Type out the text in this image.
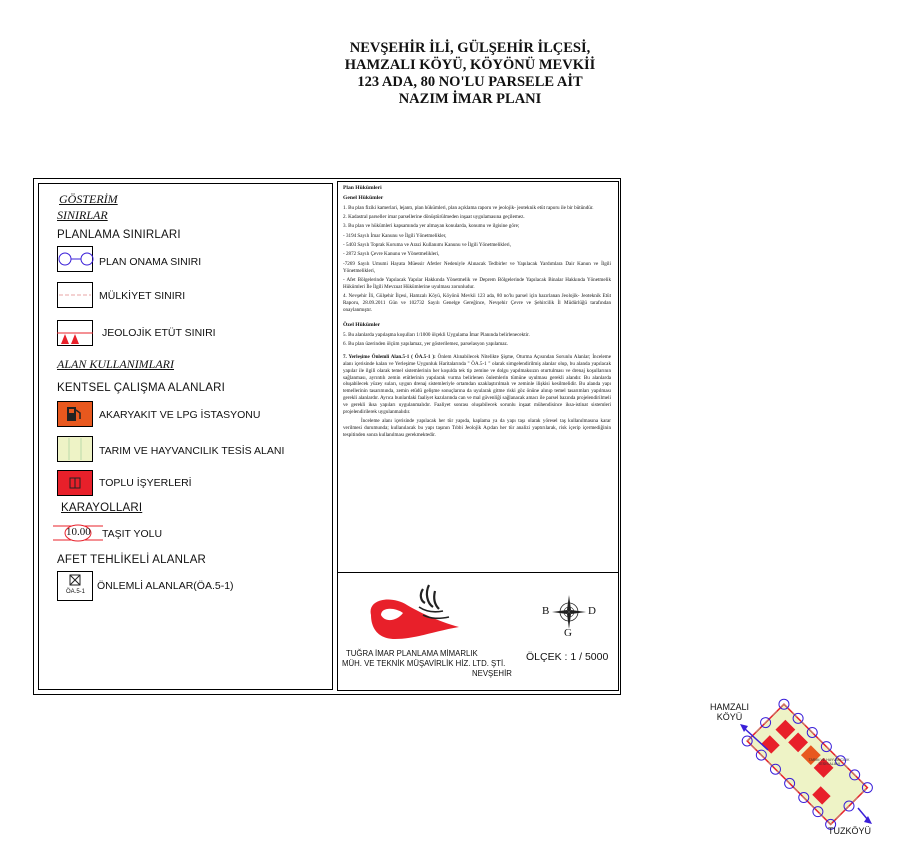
NEVŞEHİR İLİ, GÜLŞEHİR İLÇESİ,
HAMZALI KÖYÜ, KÖYÖNÜ MEVKİİ
123 ADA, 80 NO'LU PARSELE AİT
NAZIM İMAR PLANI
GÖSTERİM
SINIRLAR
PLANLAMA SINIRLARI
PLAN ONAMA SINIRI
MÜLKİYET SINIRI
JEOLOJİK ETÜT SINIRI
ALAN KULLANIMLARI
KENTSEL ÇALIŞMA ALANLARI
AKARYAKIT VE LPG İSTASYONU
TARIM VE HAYVANCILIK TESİS ALANI
TOPLU İŞYERLERİ
KARAYOLLARI
10.00 TAŞIT YOLU
AFET TEHLİKELİ ALANLAR
ÖA.5-1 ÖNLEMLİ ALANLAR(ÖA.5-1)

Plan Hükümleri

Genel Hükümler

1. Bu plan fiziki kamerlari, lejantı, plan hükümleri, plan açıklama raporu ve jeolojik- jeoteknik etüt raporu ile bir bütündür.

2. Kadastral parseller imar parsellerine dönüştürülmeden inşaat uygulamasına geçilemez.

3. Bu plan ve hükümleri kapsamında yer almayan konularda, konumu ve ilgisine göre;

- 3194 Sayılı İmar Kanunu ve İlgili Yönetmelikler,

- 5403 Sayılı Toprak Koruma ve Arazi Kullanımı Kanunu ve İlgili Yönetmelikleri,

- 2872 Sayılı Çevre Kanunu ve Yönetmelikleri,

-7269 Sayılı Umumi Hayata Müessir Afetler Nedeniyle Alınacak Tedbirler ve Yapılacak Yardımlara Dair Kanun ve İlgili Yönetmelikleri,

- Afet Bölgelerinde Yapılacak Yapılar Hakkında Yönetmelik ve Deprem Bölgelerinde Yapılacak Binalar Hakkında Yönetmelik Hükümleri İle İlgili Mevzuat Hükümlerine uyulması zorunludur.

4. Nevşehir İli, Gülşehir İlçesi, Hamzalı Köyü, Köyönü Mevkii 123 ada, 80 no'lu parsel için hazırlanan Jeolojik- Jeoteknik Etüt Raporu, 28.09.2011 Gün ve 102732 Sayılı Genelge Gereğince, Nevşehir Çevre ve Şehircilik İl Müdürlüğü tarafından onaylanmıştır.

Özel Hükümler

5. Bu alanlarda yapılaşma koşulları 1/1000 ölçekli Uygulama İmar Planında belirlenecektir.

6. Bu plan üzerinden ölçüm yapılamaz, yer gösterilemez, parselasyon yapılamaz.

7. Yerleşime Önlemli Alan.5-1 ( ÖA.5-1 ): Önlem Alınabilecek Nitelikte Şişme, Oturma Açısından Sorunlu Alanlar; İnceleme alanı içerisinde kalan ve Yerleşime Uygunluk Haritalarında " ÖA.5-1 " olarak simgelendirilmiş alanlar olup, bu alanda yapılacak yapılar ile ilgili olarak temel sistemlerinin her koşulda tek tip zemine ve dolgu yapılmaksızın oturtulması ve drenaj koşullarının sağlanması, ayrıntılı zemin etütlerinin yapılarak vurma belirlenen önlemlerin tümüne uyulması gerekli alandır. Bu alanlarda oluşabilecek yüzey suları, uygun drenaj sistemleriyle ortamdan uzaklaştırılmalı ve zeminle ilişkisi kesilmelidir. Bu alanda yapı temellerinin tasarımında, zemin etüdü gelişme sonuçlarına da uyularak gitme riski göz önüne alınıp temel tasarımları yapılması gerekli alanlardır. Ayrıca bunlardaki faaliyet kazılarında can ve mal güvenliği sağlanacak amacı ile parsel bazında projelendirilmeli ve gerekli iksa yapıları uygulanmalıdır. Faaliyet sonrası oluşabilecek sorunlu inşaat mühendisince iksa-istinat sistemleri projelendirilerek uygulanmalıdır.

İnceleme alanı içerisinde yapılacak her tür yapıda, kaplama ya da yapı taşı olarak yöresel taş kullanılmasına karar verilmesi durumunda; kullanılacak bu yapı taşının Tıbbi Jeolojik Açıdan her tür analizi yaptırılarak, risk içerip içermediğinin tespitinden sonra kullanılması gerekmektedir.

TUĞRA İMAR PLANLAMA MİMARLIK
MÜH. VE TEKNİK MÜŞAVİRLİK HİZ. LTD. ŞTİ.
NEVŞEHİR
B	D
G
ÖLÇEK : 1 / 5000
HAMZALI
KÖYÜ
TARIM VE HAYVANCILIK TESİS ALANI
TUZKÖYÜ
